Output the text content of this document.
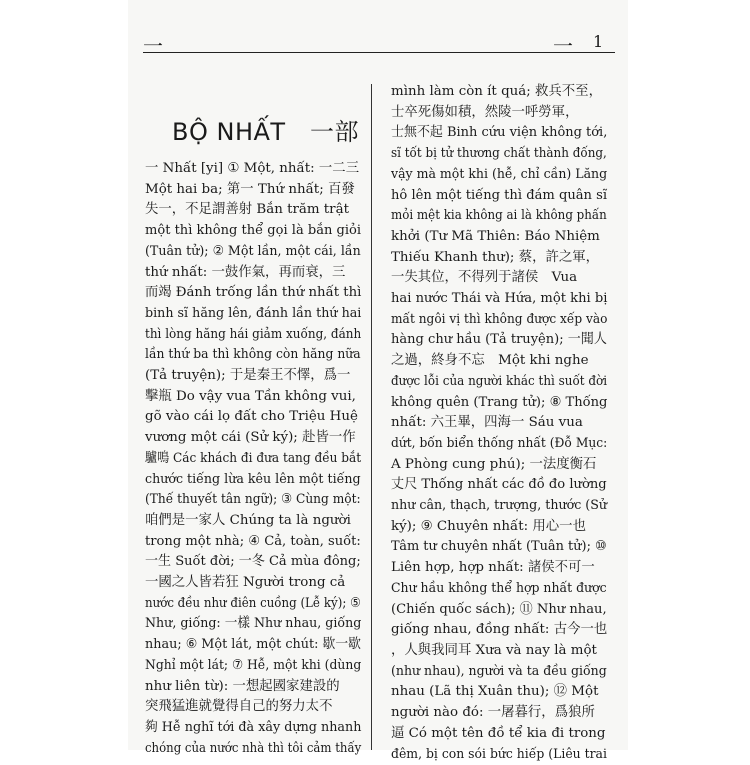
一	一 1
BỘ NHẤT　一部
一 Nhất [yi] ① Một, nhất: 一二三
Một hai ba; 第一 Thứ nhất; 百發
失一，不足謂善射 Bắn trăm trật
một thì không thể gọi là bắn giỏi
(Tuân tử); ② Một lần, một cái, lần
thứ nhất: 一鼓作氣，再而衰，三
而竭 Đánh trống lần thứ nhất thì
binh sĩ hăng lên, đánh lần thứ hai
thì lòng hăng hái giảm xuống, đánh
lần thứ ba thì không còn hăng nữa
(Tả truyện); 于是秦王不懌，爲一
擊瓶 Do vậy vua Tần không vui,
gõ vào cái lọ đất cho Triệu Huệ
vương một cái (Sử ký); 赴皆一作
驢鳴 Các khách đi đưa tang đều bắt
chước tiếng lừa kêu lên một tiếng
(Thế thuyết tân ngữ); ③ Cùng một:
咱們是一家人 Chúng ta là người
trong một nhà; ④ Cả, toàn, suốt:
一生 Suốt đời; 一冬 Cả mùa đông;
一國之人皆若狂 Người trong cả
nước đều như điên cuồng (Lễ ký); ⑤
Như, giống: 一樣 Như nhau, giống
nhau; ⑥ Một lát, một chút: 歇一歇
Nghỉ một lát; ⑦ Hễ, một khi (dùng
như liên từ): 一想起國家建設的
突飛猛進就覺得自己的努力太不
夠 Hễ nghĩ tới đà xây dựng nhanh
chóng của nước nhà thì tôi cảm thấy
mình làm còn ít quá; 救兵不至，
士卒死傷如積，然陵一呼勞軍，
士無不起 Binh cứu viện không tới,
sĩ tốt bị tử thương chất thành đống,
vậy mà một khi (hễ, chỉ cần) Lăng
hô lên một tiếng thì đám quân sĩ
mỏi mệt kia không ai là không phấn
khởi (Tư Mã Thiên: Báo Nhiệm
Thiếu Khanh thư); 蔡，許之軍，
一失其位，不得列于諸侯　Vua
hai nước Thái và Hứa, một khi bị
mất ngôi vị thì không được xếp vào
hàng chư hầu (Tả truyện); 一聞人
之過，終身不忘　Một khi nghe
được lỗi của người khác thì suốt đời
không quên (Trang tử); ⑧ Thống
nhất: 六王畢，四海一 Sáu vua
dứt, bốn biển thống nhất (Đỗ Mục:
A Phòng cung phú); 一法度衡石
丈尺 Thống nhất các đồ đo lường
như cân, thạch, trượng, thước (Sử
ký); ⑨ Chuyên nhất: 用心一也
Tâm tư chuyên nhất (Tuân tử); ⑩
Liên hợp, hợp nhất: 諸侯不可一
Chư hầu không thể hợp nhất được
(Chiến quốc sách); ⑪ Như nhau,
giống nhau, đồng nhất: 古今一也
，人與我同耳 Xưa và nay là một
(như nhau), người và ta đều giống
nhau (Lã thị Xuân thu); ⑫ Một
người nào đó: 一屠暮行，爲狼所
逼 Có một tên đồ tể kia đi trong
đêm, bị con sói bức hiếp (Liêu trai
